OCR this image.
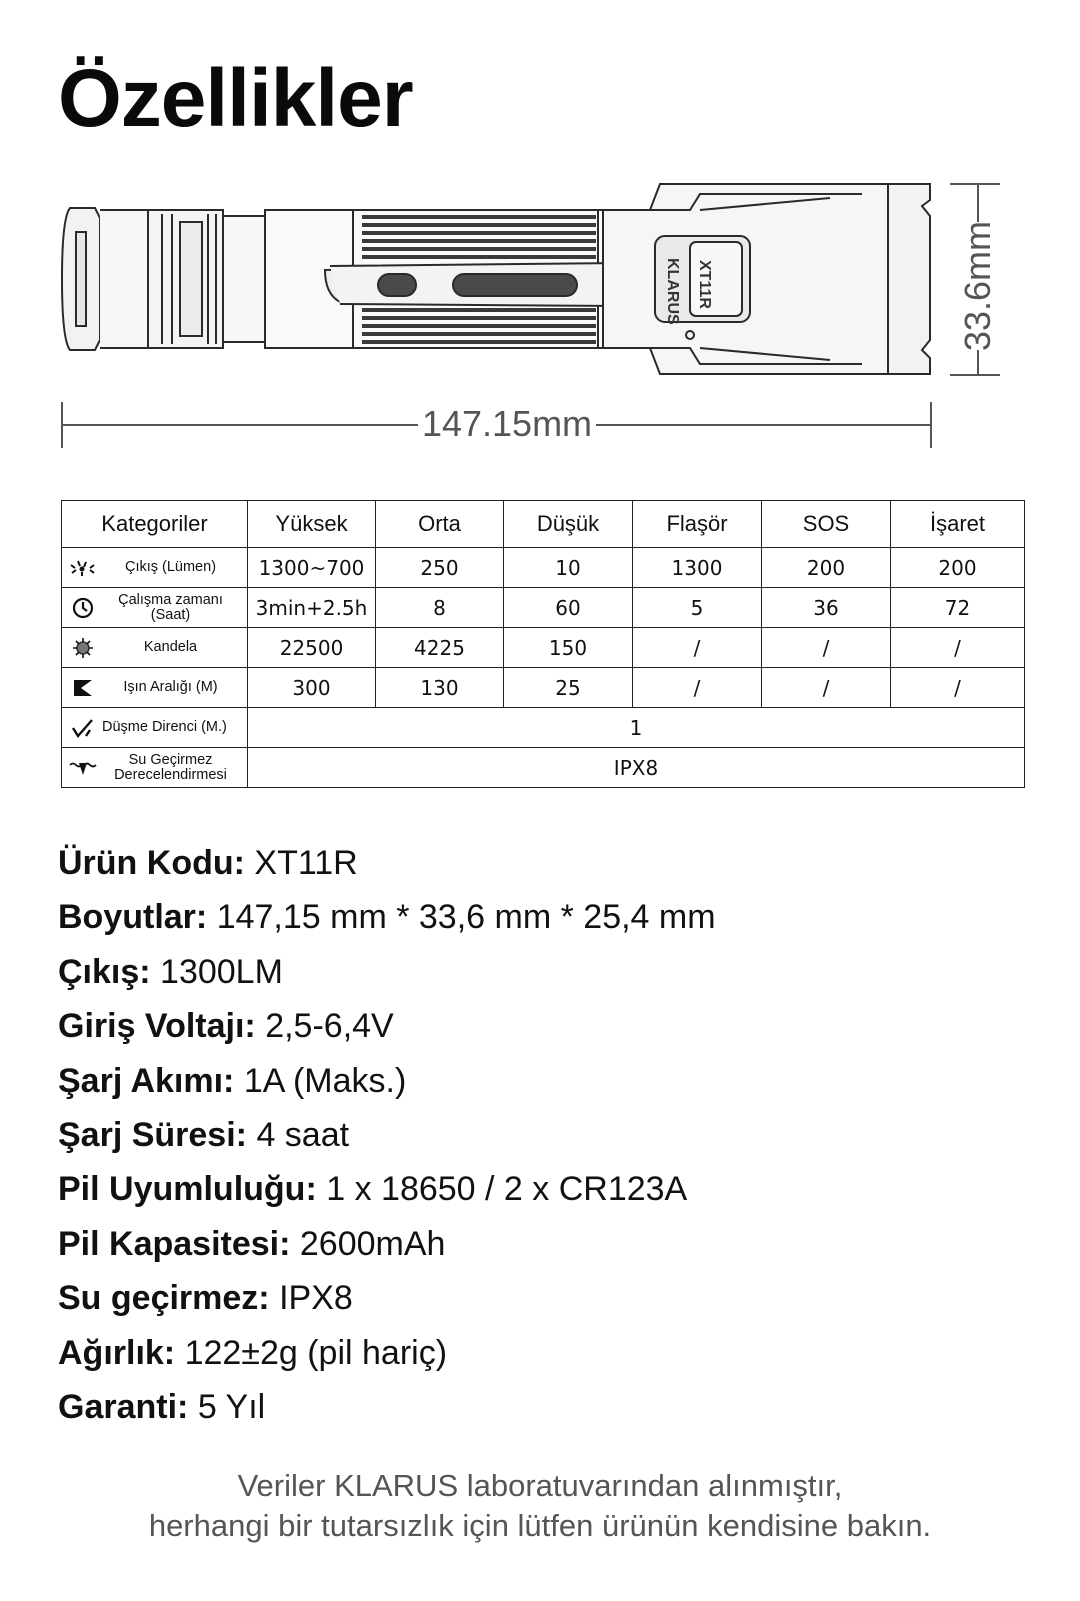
Özellikler
KLARUS XT11R
147.15mm
33.6mm
Kategoriler	Yüksek	Orta	Düşük	Flaşör	SOS	İşaret

Çıkış (Lümen)	1300~700	250	10	1300	200	200

Çalışma zamanı (Saat)	3min+2.5h	8	60	5	36	72

Kandela	22500	4225	150	/	/	/

Işın Aralığı (M)	300	130	25	/	/	/

Düşme Direnci (M.)	1					

Su Geçirmez Derecelendirmesi	IPX8					
Ürün Kodu: XT11R
Boyutlar: 147,15 mm * 33,6 mm * 25,4 mm
Çıkış: 1300LM
Giriş Voltajı: 2,5-6,4V
Şarj Akımı: 1A (Maks.)
Şarj Süresi: 4 saat
Pil Uyumluluğu: 1 x 18650 / 2 x CR123A
Pil Kapasitesi: 2600mAh
Su geçirmez: IPX8
Ağırlık: 122±2g (pil hariç)
Garanti: 5 Yıl
Veriler KLARUS laboratuvarından alınmıştır,
herhangi bir tutarsızlık için lütfen ürünün kendisine bakın.
